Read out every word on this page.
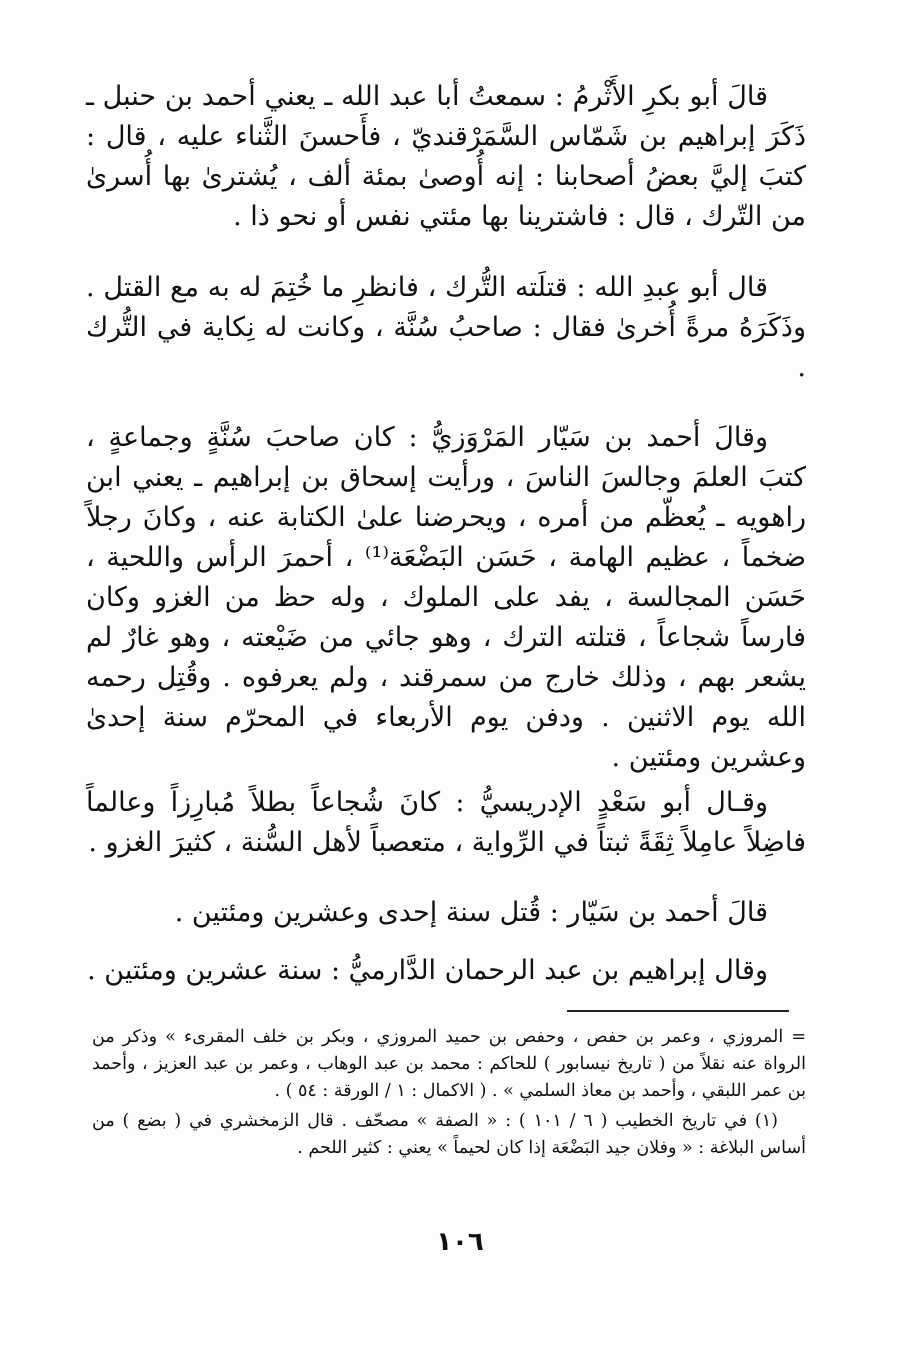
قالَ أبو بكرِ الأَثْرمُ : سمعتُ أبا عبد الله ـ يعني أحمد بن حنبل ـ ذَكَرَ إبراهيم بن شَمّاس السَّمَرْقنديّ ، فأَحسنَ الثَّناء عليه ، قال : كتبَ إليَّ بعضُ أصحابنا : إنه أُوصىٰ بمئة ألف ، يُشترىٰ بها أُسرىٰ من التّرك ، قال : فاشترينا بها مئتي نفس أو نحو ذا .

قال أبو عبدِ الله : قتلَته التُّرك ، فانظرِ ما خُتِمَ له به مع القتل . وذَكَرَهُ مرةً أُخرىٰ فقال : صاحبُ سُنَّة ، وكانت له نِكاية في التُّرك .

وقالَ أحمد بن سَيّار المَرْوَزيُّ : كان صاحبَ سُنَّةٍ وجماعةٍ ، كتبَ العلمَ وجالسَ الناسَ ، ورأيت إسحاق بن إبراهيم ـ يعني ابن راهويه ـ يُعظّم من أمره ، ويحرضنا علىٰ الكتابة عنه ، وكانَ رجلاً ضخماً ، عظيم الهامة ، حَسَن البَضْعَة⁽¹⁾ ، أحمرَ الرأس واللحية ، حَسَن المجالسة ، يفد على الملوك ، وله حظ من الغزو وكان فارساً شجاعاً ، قتلته الترك ، وهو جائي من ضَيْعته ، وهو غارٌ لم يشعر بهم ، وذلك خارج من سمرقند ، ولم يعرفوه . وقُتِل رحمه الله يوم الاثنين . ودفن يوم الأربعاء في المحرّم سنة إحدىٰ وعشرين ومئتين .

وقـال أبو سَعْدٍ الإدريسيُّ : كانَ شُجاعاً بطلاً مُبارِزاً وعالماً فاضِلاً عامِلاً ثِقَةً ثبتاً في الرِّواية ، متعصباً لأهل السُّنة ، كثيرَ الغزو .

قالَ أحمد بن سَيّار : قُتل سنة إحدى وعشرين ومئتين .

وقال إبراهيم بن عبد الرحمان الدَّارميُّ : سنة عشرين ومئتين .

= المروزي ، وعمر بن حفص ، وحفص بن حميد المروزي ، وبكر بن خلف المقرىء » وذكر من الرواة عنه نقلاً من ( تاريخ نيسابور ) للحاكم : محمد بن عبد الوهاب ، وعمر بن عبد العزيز ، وأحمد بن عمر اللبقي ، وأحمد بن معاذ السلمي » . ( الاكمال : ١ / الورقة : ٥٤ ) .

(١) في تاريخ الخطيب ( ٦ / ١٠١ ) : « الصفة » مصحّف . قال الزمخشري في ( بضع ) من أساس البلاغة : « وفلان جيد البَضْعَة إذا كان لحيماً » يعني : كثير اللحم .

١٠٦
